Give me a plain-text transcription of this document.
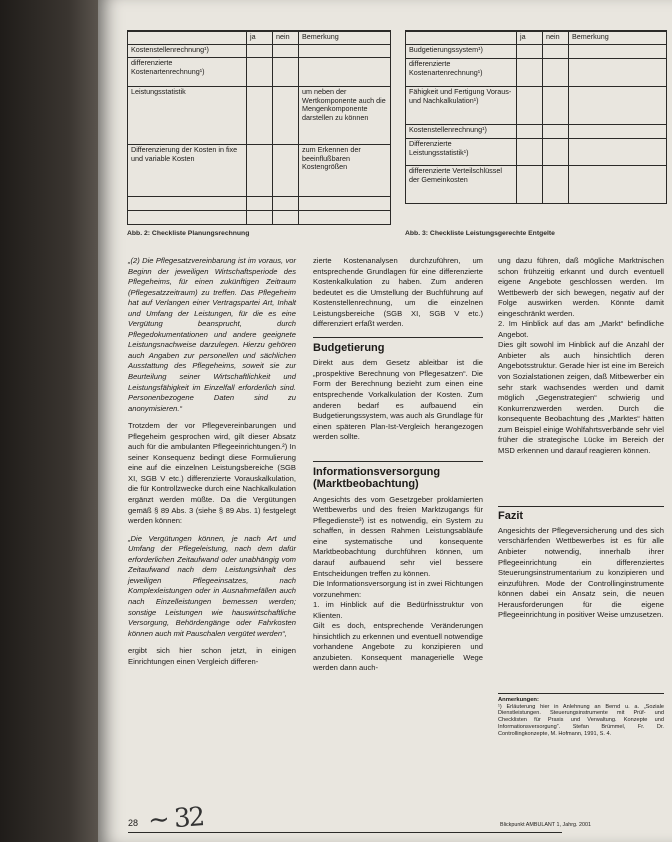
	ja	nein	Bemerkung
Kostenstellenrechnung¹)			
differenzierte Kostenartenrechnung¹)			
Leistungsstatistik			um neben der Wertkomponente auch die Mengenkomponente darstellen zu können
Differenzierung der Kosten in fixe und variable Kosten			zum Erkennen der beeinflußbaren Kostengrößen

Abb. 2: Checkliste Planungsrechnung
	ja	nein	Bemerkung
Budgetierungssystem¹)			
differenzierte Kostenartenrechnung¹)			
Fähigkeit und Fertigung Voraus- und Nachkalkulation¹)			
Kostenstellenrechnung¹)			
Differenzierte Leistungsstatistik¹)			
differenzierte Verteilschlüssel der Gemeinkosten			
Abb. 3: Checkliste Leistungsgerechte Entgelte

„(2) Die Pflegesatzvereinbarung ist im voraus, vor Beginn der jeweiligen Wirtschaftsperiode des Pflegeheims, für einen zukünftigen Zeitraum (Pflegesatzzeitraum) zu treffen. Das Pflegeheim hat auf Verlangen einer Vertragspartei Art, Inhalt und Umfang der Leistungen, für die es eine Vergütung beansprucht, durch Pflegedokumentationen und andere geeignete Leistungsnachweise darzulegen. Hierzu gehören auch Angaben zur personellen und sächlichen Ausstattung des Pflegeheims, soweit sie zur Beurteilung seiner Wirtschaftlichkeit und Leistungsfähigkeit im Einzelfall erforderlich sind. Personenbezogene Daten sind zu anonymisieren.“

Trotzdem der vor Pflegevereinbarungen und Pflegeheim gesprochen wird, gilt dieser Absatz auch für die ambulanten Pflegeeinrichtungen.²) In seiner Konsequenz bedingt diese Formulierung eine auf die einzelnen Leistungsbereiche (SGB XI, SGB V etc.) differenzierte Vorauskalkulation, die für Kontrollzwecke durch eine Nachkalkulation ergänzt werden müßte. Da die Vergütungen gemäß § 89 Abs. 3 (siehe § 89 Abs. 1) festgelegt werden können:

„Die Vergütungen können, je nach Art und Umfang der Pflegeleistung, nach dem dafür erforderlichen Zeitaufwand oder unabhängig vom Zeitaufwand nach dem Leistungsinhalt des jeweiligen Pflegeeinsatzes, nach Komplexleistungen oder in Ausnahmefällen auch nach Einzelleistungen bemessen werden; sonstige Leistungen wie hauswirtschaftliche Versorgung, Behördengänge oder Fahrkosten können auch mit Pauschalen vergütet werden“,

ergibt sich hier schon jetzt, in einigen Einrichtungen einen Vergleich differen-

zierte Kostenanalysen durchzuführen, um entsprechende Grundlagen für eine differenzierte Kostenkalkulation zu haben. Zum anderen bedeutet es die Umstellung der Buchführung auf Kostenstellenrechnung, um die einzelnen Leistungsbereiche (SGB XI, SGB V etc.) differenziert erfaßt werden.

Budgetierung

Direkt aus dem Gesetz ableitbar ist die „prospektive Berechnung von Pflegesatzen“. Die Form der Berechnung bezieht zum einen eine entsprechende Vorkalkulation der Kosten. Zum anderen bedarf es aufbauend ein Budgetierungssystem, was auch als Grundlage für einen späteren Plan-Ist-Vergleich herangezogen werden sollte.

Informationsversorgung (Marktbeobachtung)

Angesichts des vom Gesetzgeber proklamierten Wettbewerbs und des freien Marktzugangs für Pflegedienste³) ist es notwendig, ein System zu schaffen, in dessen Rahmen Leistungsabläufe eine systematische und konsequente Marktbeobachtung durchführen können, um darauf aufbauend sehr viel bessere Entscheidungen treffen zu können.

Die Informationsversorgung ist in zwei Richtungen vorzunehmen:

1. im Hinblick auf die Bedürfnisstruktur von Klienten.

Gilt es doch, entsprechende Veränderungen hinsichtlich zu erkennen und eventuell notwendige vorhandene Angebote zu konzipieren und anzubieten. Konsequent managerielle Wege werden dann auch-

ung dazu führen, daß mögliche Marktnischen schon frühzeitig erkannt und durch eventuell eigene Angebote geschlossen werden. Im Wettbewerb der sich bewegen, negativ auf der Folge auswirken werden. Könnte damit eingeschränkt werden.

2. Im Hinblick auf das am „Markt“ befindliche Angebot.

Dies gilt sowohl im Hinblick auf die Anzahl der Anbieter als auch hinsichtlich deren Angebotsstruktur. Gerade hier ist eine im Bereich von Sozialstationen zeigen, daß Mitbewerber ein sehr stark wachsendes werden und damit möglich „Gegenstrategien“ schwierig und Konkurrenzwerden werden. Durch die konsequente Beobachtung des „Marktes“ hätten zum Beispiel einige Wohlfahrtsverbände sehr viel früher die strategische Lücke im Bereich der MSD erkennen und darauf reagieren können.

Fazit

Angesichts der Pflegeversicherung und des sich verschärfenden Wettbewerbes ist es für alle Anbieter notwendig, innerhalb ihrer Pflegeeinrichtung ein differenziertes Steuerungsinstrumentarium zu konzipieren und einzuführen. Mode der Controllinginstrumente können dabei ein Ansatz sein, die neuen Herausforderungen für die eigene Pflegeeinrichtung in positiver Weise umzusetzen.

Anmerkungen:
¹) Erläuterung hier in Anlehnung an Bernd u. a. „Soziale Dienstleistungen. Steuerungsinstrumente mit Prüf- und Checklisten für Praxis und Verwaltung. Konzepte und Informationsversorgung“. Stefan Brümmel, Fr. Dr. Controllingkonzepte, M. Hofmann, 1991, S. 4.
28 ~ 32	Blickpunkt AMBULANT 1, Jahrg. 2001
